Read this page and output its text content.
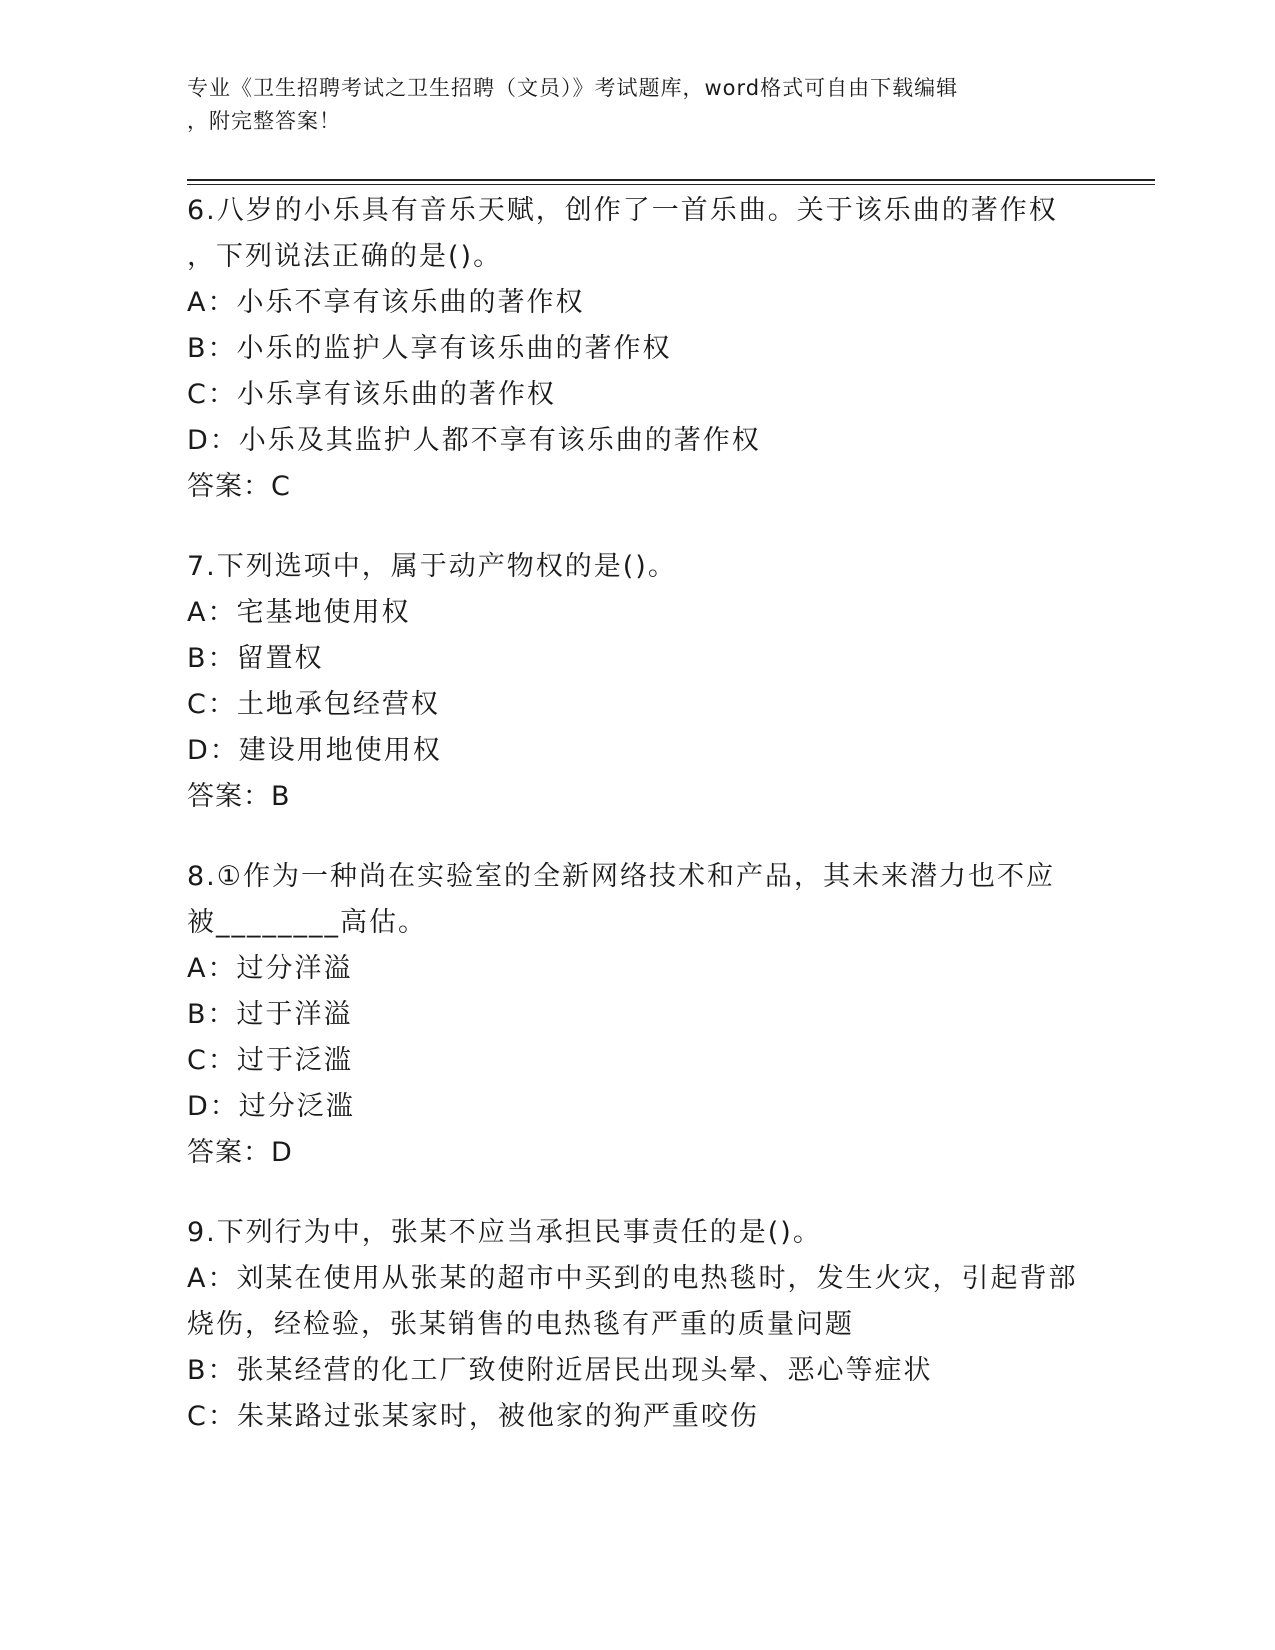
专业《卫生招聘考试之卫生招聘（文员）》考试题库，word格式可自由下载编辑
，附完整答案！
6.八岁的小乐具有音乐天赋，创作了一首乐曲。关于该乐曲的著作权
，下列说法正确的是()。
A：小乐不享有该乐曲的著作权
B：小乐的监护人享有该乐曲的著作权
C：小乐享有该乐曲的著作权
D：小乐及其监护人都不享有该乐曲的著作权
答案：C
7.下列选项中，属于动产物权的是()。
A：宅基地使用权
B：留置权
C：土地承包经营权
D：建设用地使用权
答案：B
8.①作为一种尚在实验室的全新网络技术和产品，其未来潜力也不应
被________高估。
A：过分洋溢
B：过于洋溢
C：过于泛滥
D：过分泛滥
答案：D
9.下列行为中，张某不应当承担民事责任的是()。
A：刘某在使用从张某的超市中买到的电热毯时，发生火灾，引起背部
烧伤，经检验，张某销售的电热毯有严重的质量问题
B：张某经营的化工厂致使附近居民出现头晕、恶心等症状
C：朱某路过张某家时，被他家的狗严重咬伤
